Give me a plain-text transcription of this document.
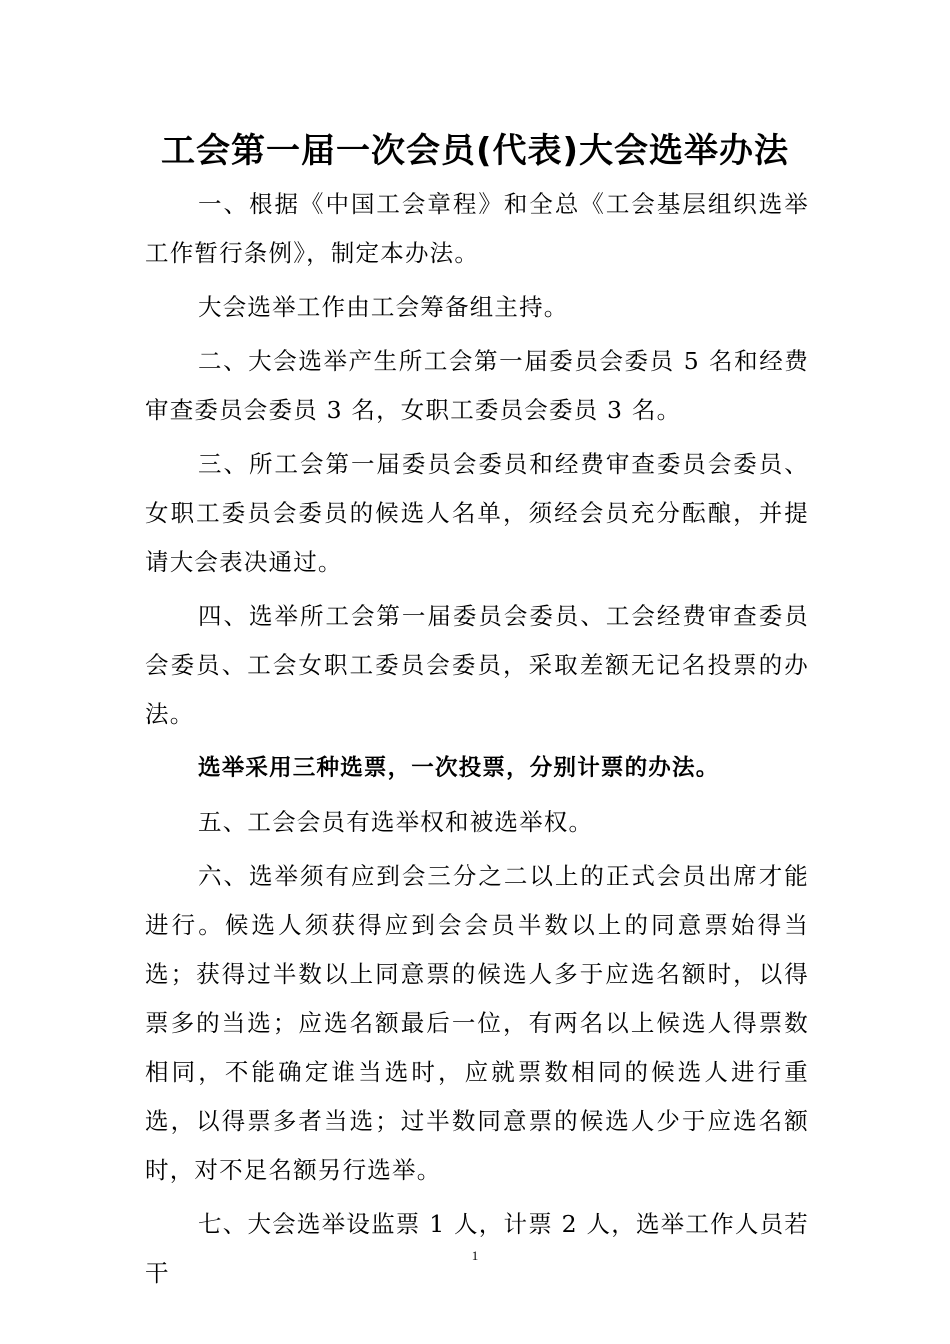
工会第一届一次会员(代表)大会选举办法

一、根据《中国工会章程》和全总《工会基层组织选举工作暂行条例》，制定本办法。

大会选举工作由工会筹备组主持。

二、大会选举产生所工会第一届委员会委员 5 名和经费审查委员会委员 3 名，女职工委员会委员 3 名。

三、所工会第一届委员会委员和经费审查委员会委员、女职工委员会委员的候选人名单，须经会员充分酝酿，并提请大会表决通过。

四、选举所工会第一届委员会委员、工会经费审查委员会委员、工会女职工委员会委员，采取差额无记名投票的办法。

选举采用三种选票，一次投票，分别计票的办法。

五、工会会员有选举权和被选举权。

六、选举须有应到会三分之二以上的正式会员出席才能进行。候选人须获得应到会会员半数以上的同意票始得当选；获得过半数以上同意票的候选人多于应选名额时，以得票多的当选；应选名额最后一位，有两名以上候选人得票数相同，不能确定谁当选时，应就票数相同的候选人进行重选，以得票多者当选；过半数同意票的候选人少于应选名额时，对不足名额另行选举。

七、大会选举设监票 1 人，计票 2 人，选举工作人员若干

1
